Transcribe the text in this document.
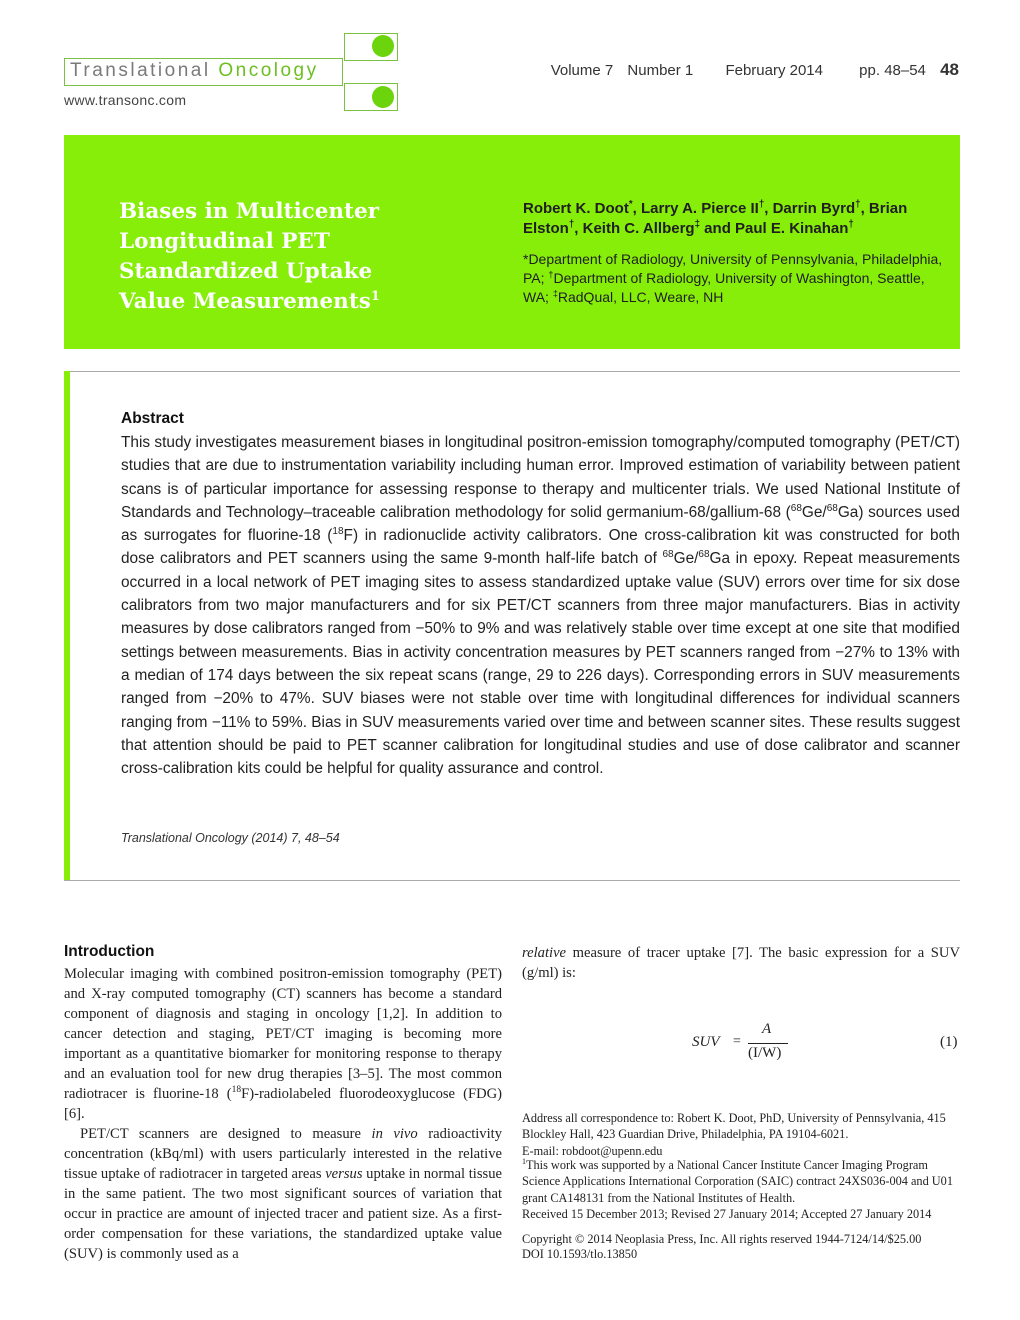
Translational Oncology
www.transonc.com
Volume 7 Number 1 February 2014 pp. 48–54 48
Biases in Multicenter Longitudinal PET Standardized Uptake Value Measurements$^1$
Robert K. Doot*, Larry A. Pierce II†, Darrin Byrd†, Brian Elston†, Keith C. Allberg‡ and Paul E. Kinahan†
*Department of Radiology, University of Pennsylvania, Philadelphia, PA; †Department of Radiology, University of Washington, Seattle, WA; ‡RadQual, LLC, Weare, NH
Abstract
This study investigates measurement biases in longitudinal positron-emission tomography/computed tomography (PET/CT) studies that are due to instrumentation variability including human error. Improved estimation of variability between patient scans is of particular importance for assessing response to therapy and multicenter trials. We used National Institute of Standards and Technology–traceable calibration methodology for solid germanium-68/gallium-68 ($^{68}$Ge/$^{68}$Ga) sources used as surrogates for fluorine-18 ($^{18}$F) in radionuclide activity calibrators. One cross-calibration kit was constructed for both dose calibrators and PET scanners using the same 9-month half-life batch of $^{68}$Ge/$^{68}$Ga in epoxy. Repeat measurements occurred in a local network of PET imaging sites to assess standardized uptake value (SUV) errors over time for six dose calibrators from two major manufacturers and for six PET/CT scanners from three major manufacturers. Bias in activity measures by dose calibrators ranged from −50% to 9% and was relatively stable over time except at one site that modified settings between measurements. Bias in activity concentration measures by PET scanners ranged from −27% to 13% with a median of 174 days between the six repeat scans (range, 29 to 226 days). Corresponding errors in SUV measurements ranged from −20% to 47%. SUV biases were not stable over time with longitudinal differences for individual scanners ranging from −11% to 59%. Bias in SUV measurements varied over time and between scanner sites. These results suggest that attention should be paid to PET scanner calibration for longitudinal studies and use of dose calibrator and scanner cross-calibration kits could be helpful for quality assurance and control.
Translational Oncology (2014) 7, 48–54
Introduction
Molecular imaging with combined positron-emission tomography (PET) and X-ray computed tomography (CT) scanners has become a standard component of diagnosis and staging in oncology [1,2]. In addition to cancer detection and staging, PET/CT imaging is becoming more important as a quantitative biomarker for monitoring response to therapy and an evaluation tool for new drug therapies [3–5]. The most common radiotracer is fluorine-18 ($^{18}$F)-radiolabeled fluorodeoxyglucose (FDG) [6].
PET/CT scanners are designed to measure in vivo radioactivity concentration (kBq/ml) with users particularly interested in the relative tissue uptake of radiotracer in targeted areas versus uptake in normal tissue in the same patient. The two most significant sources of variation that occur in practice are amount of injected tracer and patient size. As a first-order compensation for these variations, the standardized uptake value (SUV) is commonly used as a
relative measure of tracer uptake [7]. The basic expression for a SUV (g/ml) is:
SUV =
A
(I/W)
(1)
Address all correspondence to: Robert K. Doot, PhD, University of Pennsylvania, 415 Blockley Hall, 423 Guardian Drive, Philadelphia, PA 19104-6021.
E-mail: robdoot@upenn.edu
$^1$This work was supported by a National Cancer Institute Cancer Imaging Program Science Applications International Corporation (SAIC) contract 24XS036-004 and U01 grant CA148131 from the National Institutes of Health.
Received 15 December 2013; Revised 27 January 2014; Accepted 27 January 2014
Copyright © 2014 Neoplasia Press, Inc. All rights reserved 1944-7124/14/$25.00
DOI 10.1593/tlo.13850
